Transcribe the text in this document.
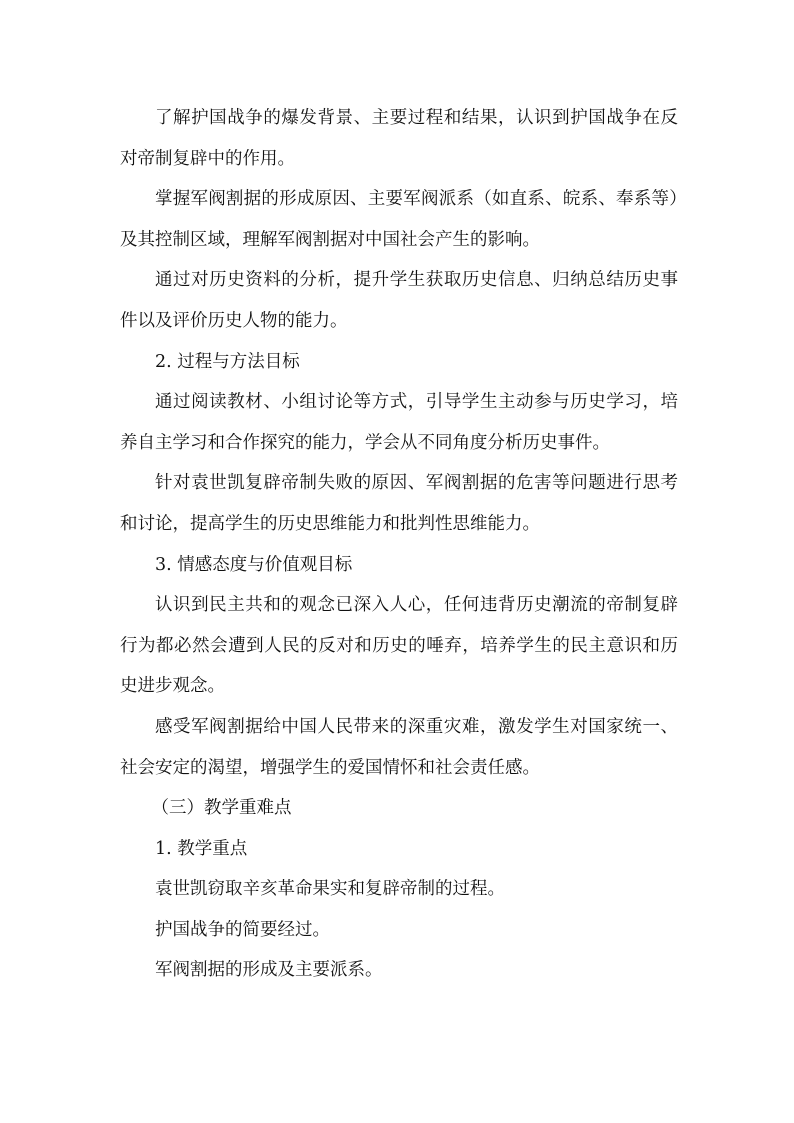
了解护国战争的爆发背景、主要过程和结果，认识到护国战争在反对帝制复辟中的作用。

掌握军阀割据的形成原因、主要军阀派系（如直系、皖系、奉系等）及其控制区域，理解军阀割据对中国社会产生的影响。

通过对历史资料的分析，提升学生获取历史信息、归纳总结历史事件以及评价历史人物的能力。

2. 过程与方法目标

通过阅读教材、小组讨论等方式，引导学生主动参与历史学习，培养自主学习和合作探究的能力，学会从不同角度分析历史事件。

针对袁世凯复辟帝制失败的原因、军阀割据的危害等问题进行思考和讨论，提高学生的历史思维能力和批判性思维能力。

3. 情感态度与价值观目标

认识到民主共和的观念已深入人心，任何违背历史潮流的帝制复辟行为都必然会遭到人民的反对和历史的唾弃，培养学生的民主意识和历史进步观念。

感受军阀割据给中国人民带来的深重灾难，激发学生对国家统一、社会安定的渴望，增强学生的爱国情怀和社会责任感。

（三）教学重难点

1. 教学重点

袁世凯窃取辛亥革命果实和复辟帝制的过程。

护国战争的简要经过。

军阀割据的形成及主要派系。
